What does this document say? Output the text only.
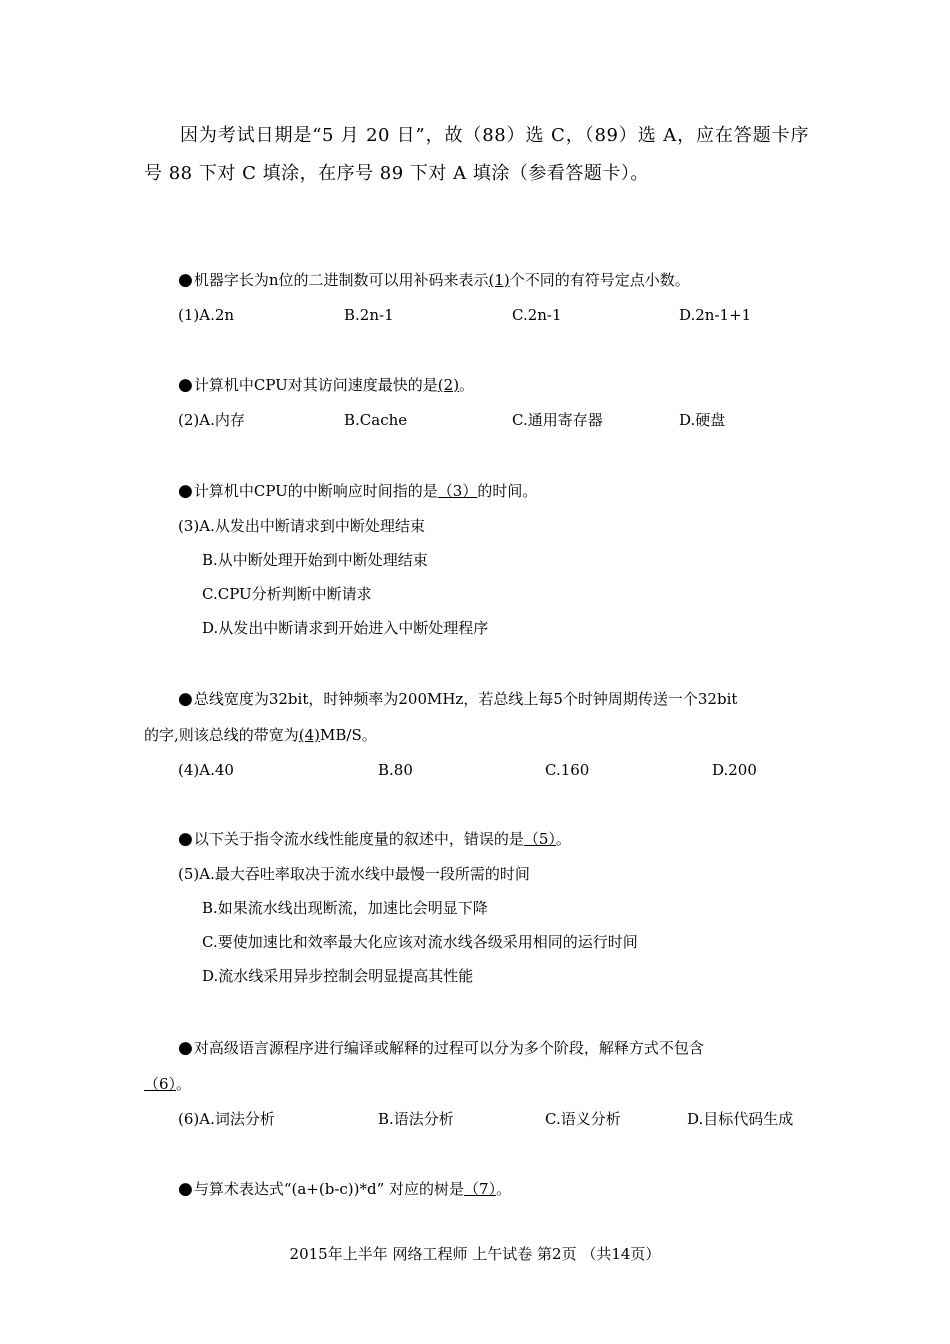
因为考试日期是“5 月 20 日”，故（88）选 C，（89）选 A，应在答题卡序号 88 下对 C 填涂，在序号 89 下对 A 填涂（参看答题卡）。

●机器字长为n位的二进制数可以用补码来表示(1)个不同的有符号定点小数。
(1)A.2n	B.2n-1	C.2n-1	D.2n-1+1
●计算机中CPU对其访问速度最快的是(2)。
(2)A.内存	B.Cache	C.通用寄存器	D.硬盘
●计算机中CPU的中断响应时间指的是（3）的时间。
(3)A.从发出中断请求到中断处理结束
B.从中断处理开始到中断处理结束
C.CPU分析判断中断请求
D.从发出中断请求到开始进入中断处理程序
●总线宽度为32bit，时钟频率为200MHz，若总线上每5个时钟周期传送一个32bit
的字,则该总线的带宽为(4)MB/S。
(4)A.40	B.80	C.160	D.200
●以下关于指令流水线性能度量的叙述中，错误的是（5）。
(5)A.最大吞吐率取决于流水线中最慢一段所需的时间
B.如果流水线出现断流，加速比会明显下降
C.要使加速比和效率最大化应该对流水线各级采用相同的运行时间
D.流水线采用异步控制会明显提高其性能
●对高级语言源程序进行编译或解释的过程可以分为多个阶段，解释方式不包含
（6）。
(6)A.词法分析	B.语法分析	C.语义分析	D.目标代码生成
●与算术表达式“(a+(b-c))*d” 对应的树是（7）。
2015年上半年 网络工程师 上午试卷 第2页 （共14页）
